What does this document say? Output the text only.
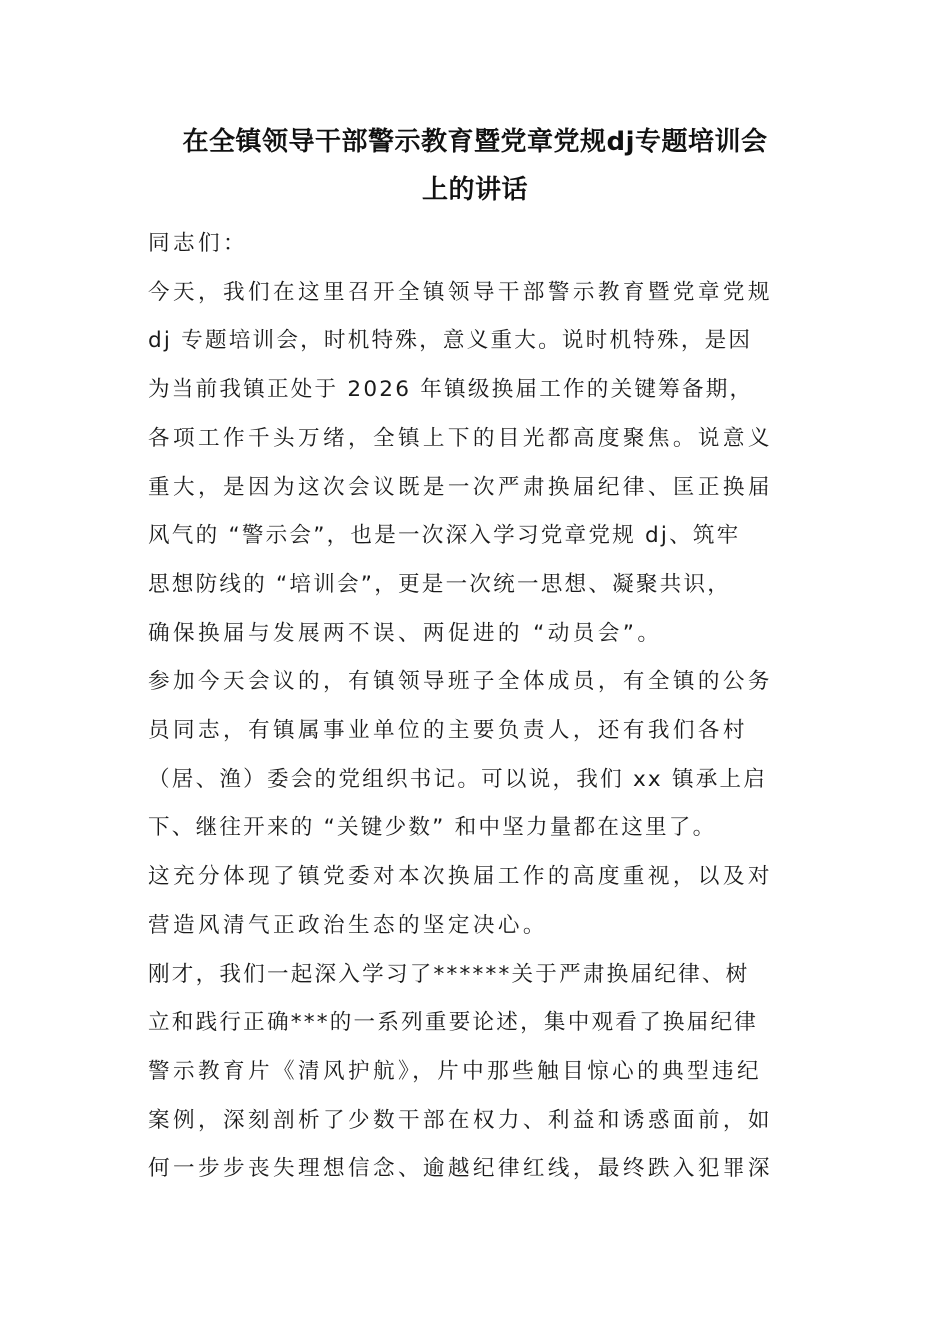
在全镇领导干部警示教育暨党章党规dj专题培训会
上的讲话
同志们：
今天，我们在这里召开全镇领导干部警示教育暨党章党规
dj 专题培训会，时机特殊，意义重大。说时机特殊，是因
为当前我镇正处于 2026 年镇级换届工作的关键筹备期，
各项工作千头万绪，全镇上下的目光都高度聚焦。说意义
重大，是因为这次会议既是一次严肃换届纪律、匡正换届
风气的 “警示会”，也是一次深入学习党章党规 dj、筑牢
思想防线的 “培训会”，更是一次统一思想、凝聚共识，
确保换届与发展两不误、两促进的 “动员会”。
参加今天会议的，有镇领导班子全体成员，有全镇的公务
员同志，有镇属事业单位的主要负责人，还有我们各村
（居、渔）委会的党组织书记。可以说，我们 xx 镇承上启
下、继往开来的 “关键少数” 和中坚力量都在这里了。
这充分体现了镇党委对本次换届工作的高度重视，以及对
营造风清气正政治生态的坚定决心。
刚才，我们一起深入学习了******关于严肃换届纪律、树
立和践行正确***的一系列重要论述，集中观看了换届纪律
警示教育片《清风护航》，片中那些触目惊心的典型违纪
案例，深刻剖析了少数干部在权力、利益和诱惑面前，如
何一步步丧失理想信念、逾越纪律红线，最终跌入犯罪深
